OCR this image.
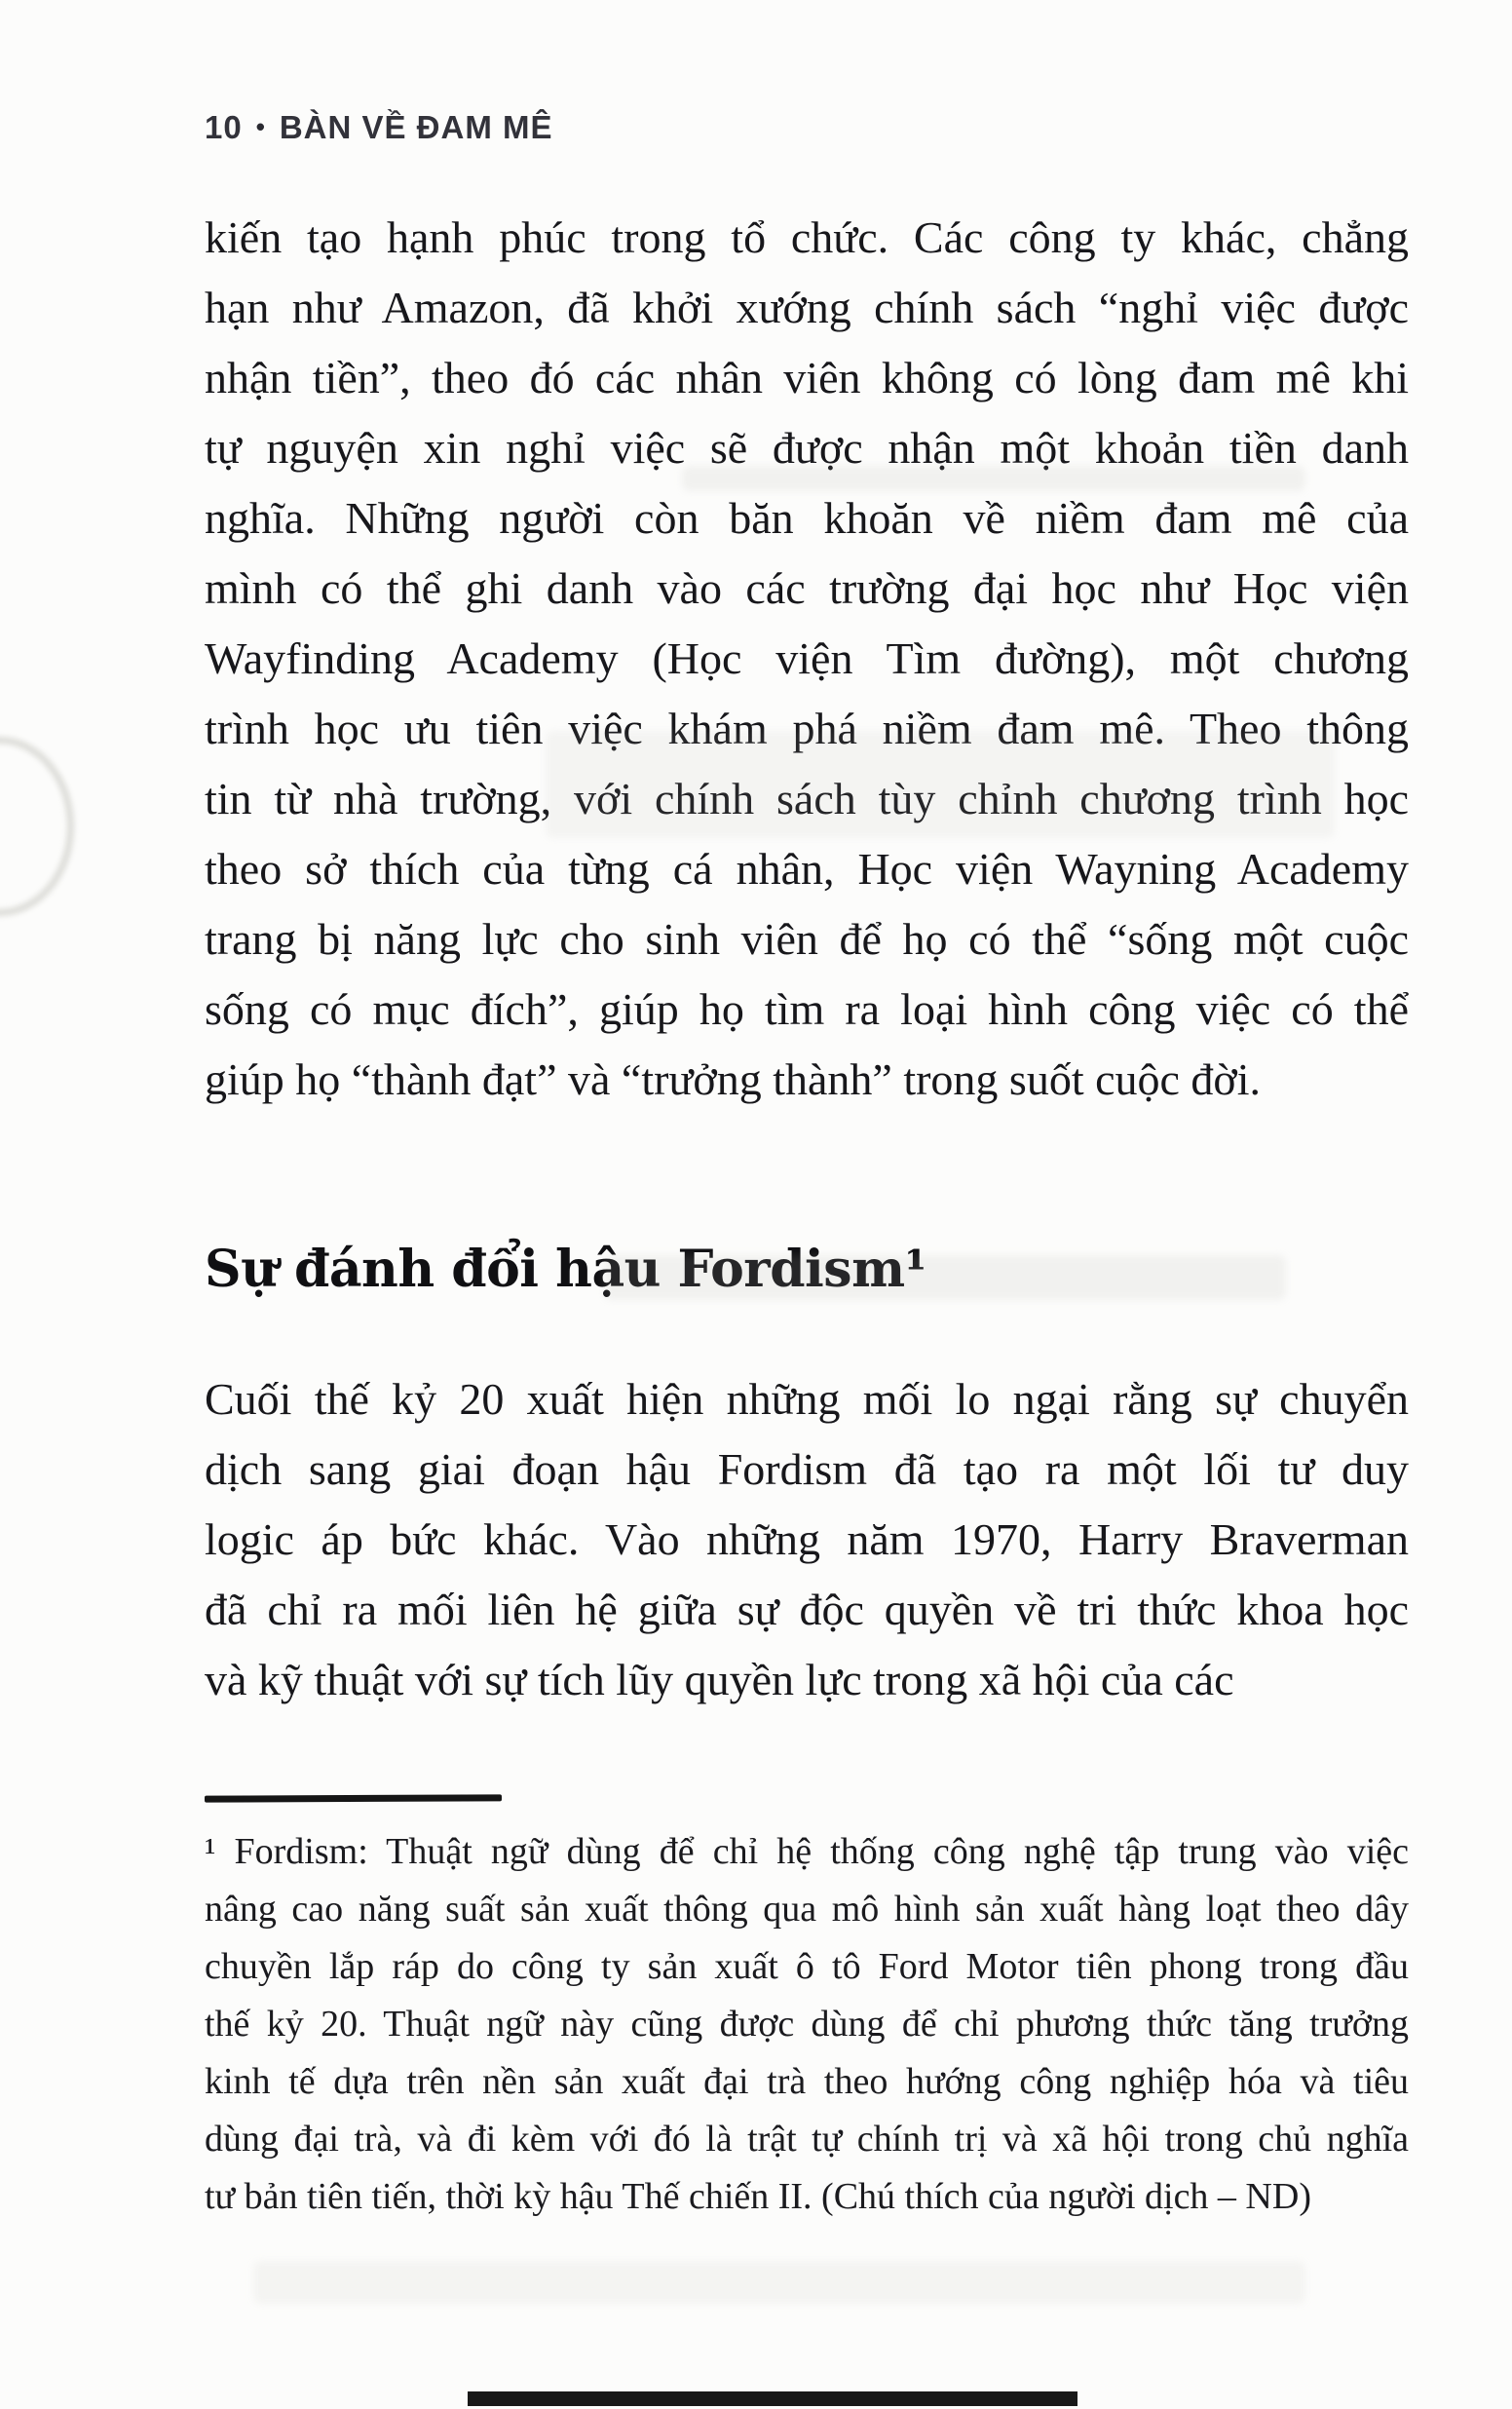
10 • BÀN VỀ ĐAM MÊ
kiến tạo hạnh phúc trong tổ chức. Các công ty khác, chẳng
hạn như Amazon, đã khởi xướng chính sách “nghỉ việc được
nhận tiền”, theo đó các nhân viên không có lòng đam mê khi
tự nguyện xin nghỉ việc sẽ được nhận một khoản tiền danh
nghĩa. Những người còn băn khoăn về niềm đam mê của
mình có thể ghi danh vào các trường đại học như Học viện
Wayfinding Academy (Học viện Tìm đường), một chương
trình học ưu tiên việc khám phá niềm đam mê. Theo thông
tin từ nhà trường, với chính sách tùy chỉnh chương trình học
theo sở thích của từng cá nhân, Học viện Wayning Academy
trang bị năng lực cho sinh viên để họ có thể “sống một cuộc
sống có mục đích”, giúp họ tìm ra loại hình công việc có thể
giúp họ “thành đạt” và “trưởng thành” trong suốt cuộc đời.
Sự đánh đổi hậu Fordism¹
Cuối thế kỷ 20 xuất hiện những mối lo ngại rằng sự chuyển
dịch sang giai đoạn hậu Fordism đã tạo ra một lối tư duy
logic áp bức khác. Vào những năm 1970, Harry Braverman
đã chỉ ra mối liên hệ giữa sự độc quyền về tri thức khoa học
và kỹ thuật với sự tích lũy quyền lực trong xã hội của các
¹ Fordism: Thuật ngữ dùng để chỉ hệ thống công nghệ tập trung vào việc
nâng cao năng suất sản xuất thông qua mô hình sản xuất hàng loạt theo dây
chuyền lắp ráp do công ty sản xuất ô tô Ford Motor tiên phong trong đầu
thế kỷ 20. Thuật ngữ này cũng được dùng để chỉ phương thức tăng trưởng
kinh tế dựa trên nền sản xuất đại trà theo hướng công nghiệp hóa và tiêu
dùng đại trà, và đi kèm với đó là trật tự chính trị và xã hội trong chủ nghĩa
tư bản tiên tiến, thời kỳ hậu Thế chiến II. (Chú thích của người dịch – ND)
